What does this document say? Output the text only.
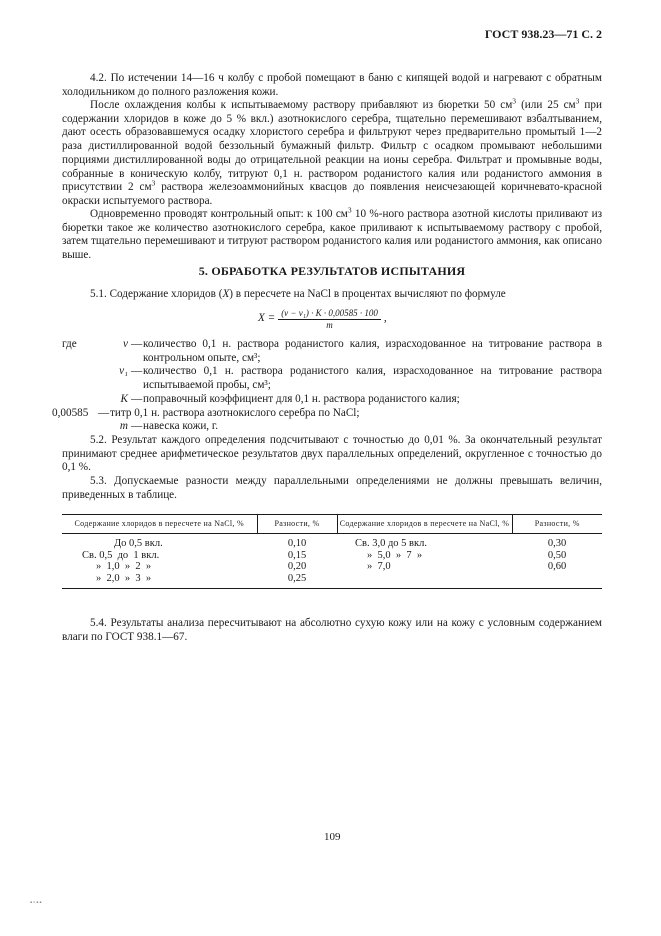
ГОСТ 938.23—71 С. 2

4.2. По истечении 14—16 ч колбу с пробой помещают в баню с кипящей водой и нагревают с обратным холодильником до полного разложения кожи.

После охлаждения колбы к испытываемому раствору прибавляют из бюретки 50 $см^3$ (или 25 $см^3$ при содержании хлоридов в коже до 5 % вкл.) азотнокислого серебра, тщательно перемешивают взбалтыванием, дают осесть образовавшемуся осадку хлористого серебра и фильтруют через предварительно промытый 1—2 раза дистиллированной водой беззольный бумажный фильтр. Фильтр с осадком промывают небольшими порциями дистиллированной воды до отрицательной реакции на ионы серебра. Фильтрат и промывные воды, собранные в коническую колбу, титруют 0,1 н. раствором роданистого калия или роданистого аммония в присутствии 2 $см^3$ раствора железоаммонийных квасцов до появления неисчезающей коричневато-красной окраски испытуемого раствора.

Одновременно проводят контрольный опыт: к 100 $см^3$ 10 %-ного раствора азотной кислоты приливают из бюретки такое же количество азотнокислого серебра, какое приливают к испытываемому раствору с пробой, затем тщательно перемешивают и титруют раствором роданистого калия или роданистого аммония, как описано выше.

5. ОБРАБОТКА РЕЗУЛЬТАТОВ ИСПЫТАНИЯ

5.1. Содержание хлоридов (X) в пересчете на NaCl в процентах вычисляют по формуле

$X = \frac{\text{(v − v₁) · K · 0,00585 · 100}}{m}$ ,
где	v — количество 0,1 н. раствора роданистого калия, израсходованное на титрование раствора в контрольном опыте, см³;
v₁ — количество 0,1 н. раствора роданистого калия, израсходованное на титрование раствора испытываемой пробы, см³;
K — поправочный коэффициент для 0,1 н. раствора роданистого калия;
0,00585 — титр 0,1 н. раствора азотнокислого серебра по NaCl;
m — навеска кожи, г.

5.2. Результат каждого определения подсчитывают с точностью до 0,01 %. За окончательный результат принимают среднее арифметическое результатов двух параллельных определений, округленное с точностью до 0,1 %.

5.3. Допускаемые разности между параллельными определениями не должны превышать величин, приведенных в таблице.

Содержание хлоридов в пересчете на NaCl, %	Разности, %	Содержание хлоридов в пересчете на NaCl, %	Разности, %
До 0,5 вкл.	0,10	Св. 3,0 до 5 вкл.	0,30
Св. 0,5  до  1 вкл.	0,15	»  5,0  »  7  »	0,50
»  1,0  »  2  »	0,20	»  7,0	0,60
»  2,0  »  3  »	0,25		

5.4. Результаты анализа пересчитывают на абсолютно сухую кожу или на кожу с условным содержанием влаги по ГОСТ 938.1—67.

109
▪▫▪▪
